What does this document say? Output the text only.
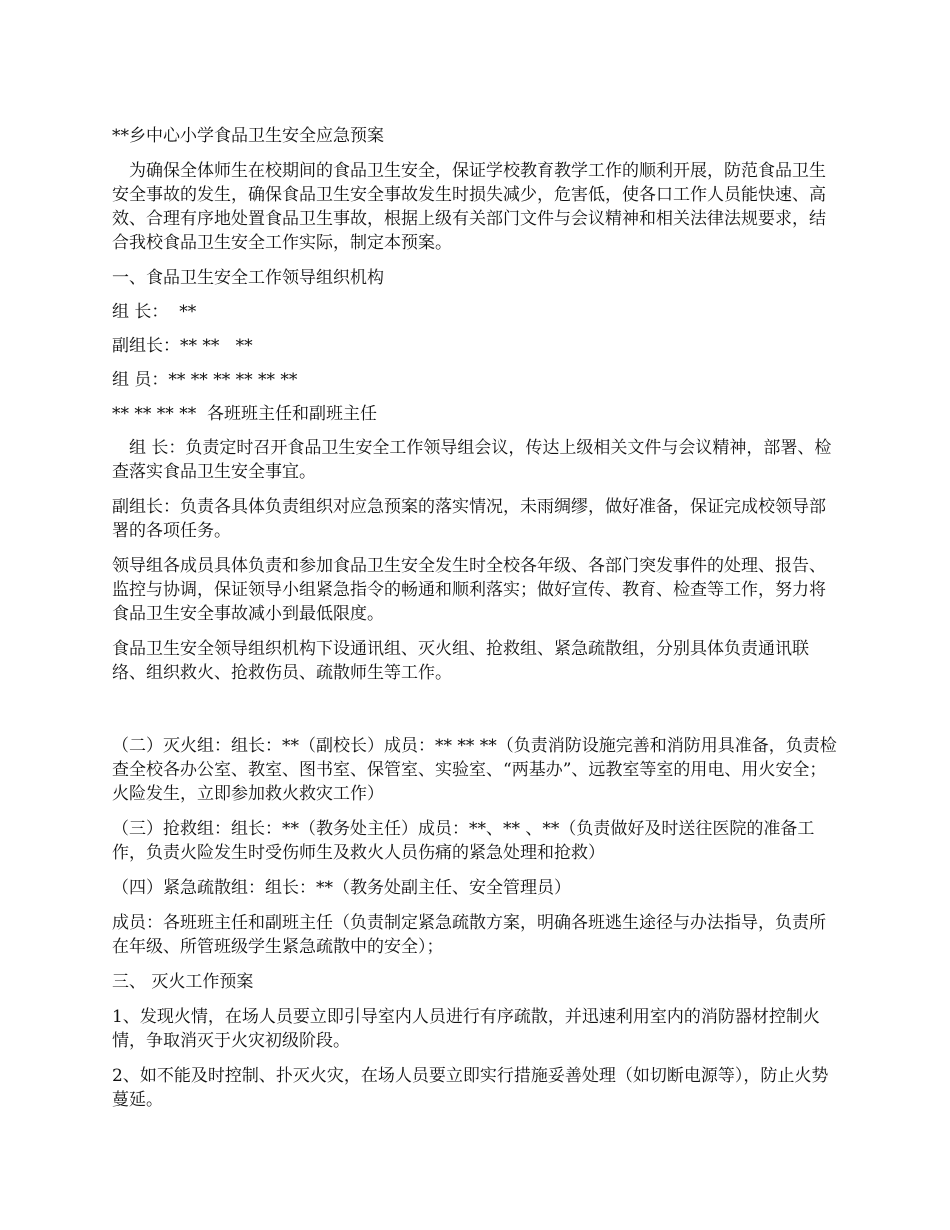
**乡中心小学食品卫生安全应急预案

为确保全体师生在校期间的食品卫生安全，保证学校教育教学工作的顺利开展，防范食品卫生安全事故的发生，确保食品卫生安全事故发生时损失减少，危害低，使各口工作人员能快速、高效、合理有序地处置食品卫生事故，根据上级有关部门文件与会议精神和相关法律法规要求，结合我校食品卫生安全工作实际，制定本预案。

一、食品卫生安全工作领导组织机构

组 长：  **

副组长：** **   **

组 员：** ** ** ** ** **

** ** ** **  各班班主任和副班主任

组 长：负责定时召开食品卫生安全工作领导组会议，传达上级相关文件与会议精神，部署、检查落实食品卫生安全事宜。

副组长：负责各具体负责组织对应急预案的落实情况，未雨绸缪，做好准备，保证完成校领导部署的各项任务。

领导组各成员具体负责和参加食品卫生安全发生时全校各年级、各部门突发事件的处理、报告、监控与协调，保证领导小组紧急指令的畅通和顺利落实；做好宣传、教育、检查等工作，努力将食品卫生安全事故减小到最低限度。

食品卫生安全领导组织机构下设通讯组、灭火组、抢救组、紧急疏散组，分别具体负责通讯联络、组织救火、抢救伤员、疏散师生等工作。

（二）灭火组：组长：**（副校长）成员：** ** **（负责消防设施完善和消防用具准备，负责检查全校各办公室、教室、图书室、保管室、实验室、“两基办”、远教室等室的用电、用火安全；火险发生，立即参加救火救灾工作）

（三）抢救组：组长：**（教务处主任）成员：**、** 、**（负责做好及时送往医院的准备工作，负责火险发生时受伤师生及救火人员伤痛的紧急处理和抢救）

（四）紧急疏散组：组长：**（教务处副主任、安全管理员）

成员：各班班主任和副班主任（负责制定紧急疏散方案，明确各班逃生途径与办法指导，负责所在年级、所管班级学生紧急疏散中的安全）；

三、 灭火工作预案

1、发现火情，在场人员要立即引导室内人员进行有序疏散，并迅速利用室内的消防器材控制火情，争取消灭于火灾初级阶段。

2、如不能及时控制、扑灭火灾，在场人员要立即实行措施妥善处理（如切断电源等），防止火势蔓延。
